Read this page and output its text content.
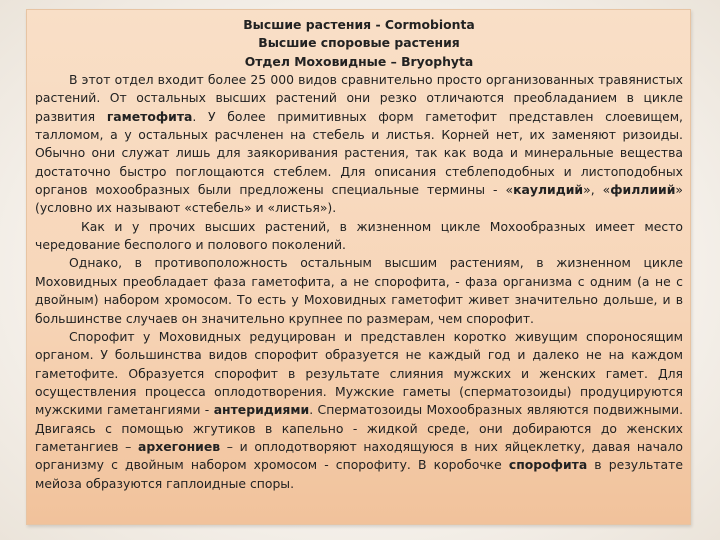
Высшие растения - Cormobionta

Высшие споровые растения

Отдел Моховидные – Bryophyta

В этот отдел входит более 25 000 видов сравнительно просто организованных травянистых растений. От остальных высших растений они резко отличаются преобладанием в цикле развития гаметофита. У более примитивных форм гаметофит представлен слоевищем, талломом, а у остальных расчленен на стебель и листья. Корней нет, их заменяют ризоиды. Обычно они служат лишь для заякоривания растения, так как вода и минеральные вещества достаточно быстро поглощаются стеблем. Для описания стеблеподобных и листоподобных органов мохообразных были предложены специальные термины - «каулидий», «филлиий» (условно их называют «стебель» и «листья»).

Как и у прочих высших растений, в жизненном цикле Мохообразных имеет место чередование бесполого и полового поколений.

Однако, в противоположность остальным высшим растениям, в жизненном цикле Моховидных преобладает фаза гаметофита, а не спорофита, - фаза организма с одним (а не с двойным) набором хромосом. То есть у Моховидных гаметофит живет значительно дольше, и в большинстве случаев он значительно крупнее по размерам, чем спорофит.

Спорофит у Моховидных редуцирован и представлен коротко живущим спороносящим органом. У большинства видов спорофит образуется не каждый год и далеко не на каждом гаметофите. Образуется спорофит в результате слияния мужских и женских гамет. Для осуществления процесса оплодотворения. Мужские гаметы (сперматозоиды) продуцируются мужскими гаметангиями - антеридиями. Сперматозоиды Мохообразных являются подвижными. Двигаясь с помощью жгутиков в капельно - жидкой среде, они добираются до женских гаметангиев – архегониев – и оплодотворяют находящуюся в них яйцеклетку, давая начало организму с двойным набором хромосом - спорофиту. В коробочке спорофита в результате мейоза образуются гаплоидные споры.
